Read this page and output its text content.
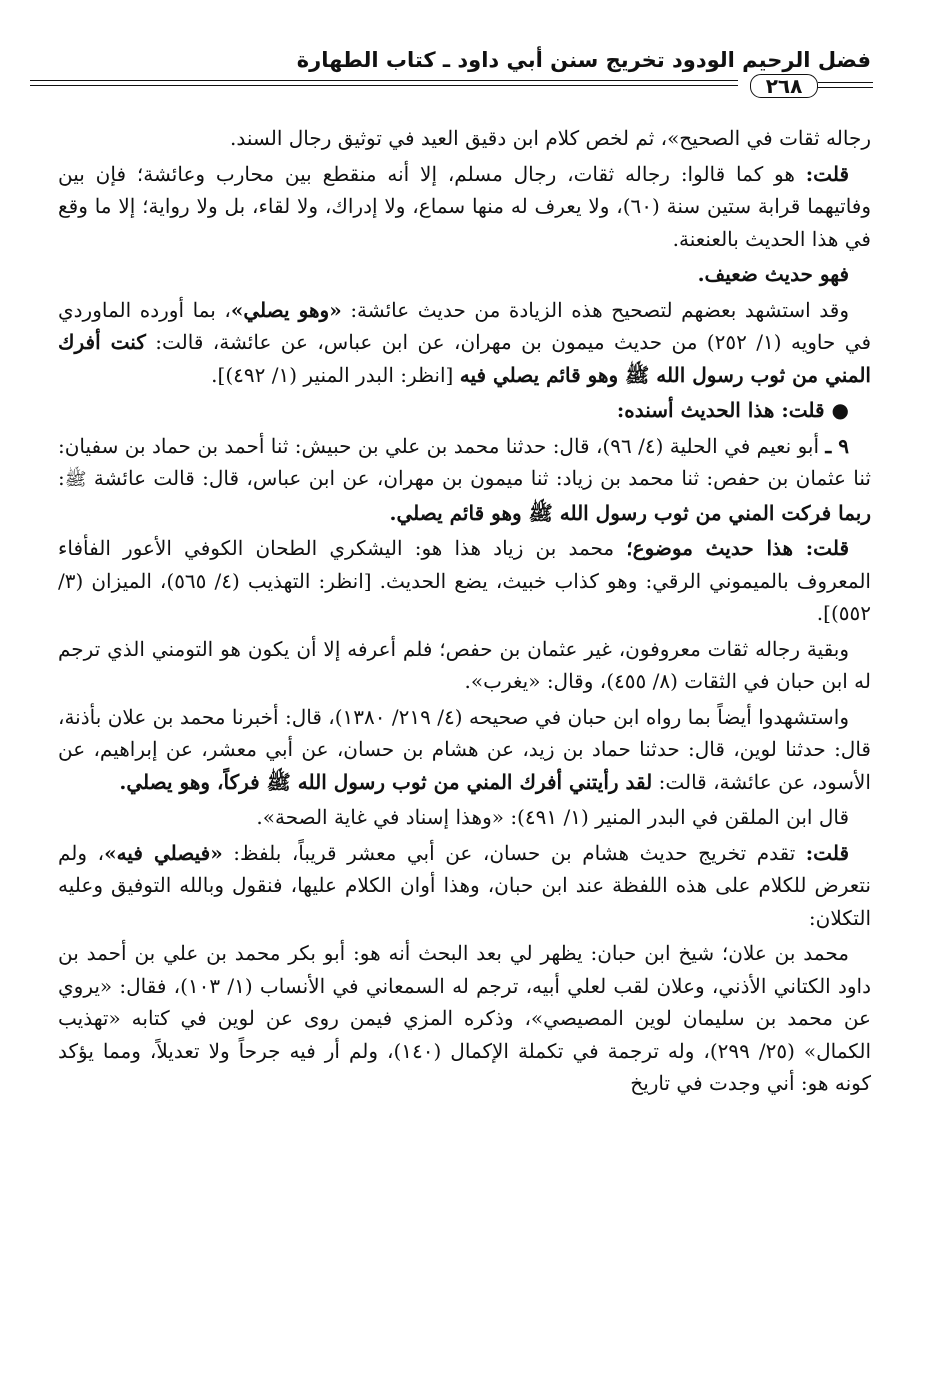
فضل الرحيم الودود تخريج سنن أبي داود ـ كتاب الطهارة
٢٦٨

رجاله ثقات في الصحيح»، ثم لخص كلام ابن دقيق العيد في توثيق رجال السند.

قلت: هو كما قالوا: رجاله ثقات، رجال مسلم، إلا أنه منقطع بين محارب وعائشة؛ فإن بين وفاتيهما قرابة ستين سنة (٦٠)، ولا يعرف له منها سماع، ولا إدراك، ولا لقاء، بل ولا رواية؛ إلا ما وقع في هذا الحديث بالعنعنة.

فهو حديث ضعيف.

وقد استشهد بعضهم لتصحيح هذه الزيادة من حديث عائشة: «وهو يصلي»، بما أورده الماوردي في حاويه (١/ ٢٥٢) من حديث ميمون بن مهران، عن ابن عباس، عن عائشة، قالت: كنت أفرك المني من ثوب رسول الله ﷺ وهو قائم يصلي فيه [انظر: البدر المنير (١/ ٤٩٢)].

● قلت: هذا الحديث أسنده:

٩ ـ أبو نعيم في الحلية (٤/ ٩٦)، قال: حدثنا محمد بن علي بن حبيش: ثنا أحمد بن حماد بن سفيان: ثنا عثمان بن حفص: ثنا محمد بن زياد: ثنا ميمون بن مهران، عن ابن عباس، قال: قالت عائشة ﷺ: ربما فركت المني من ثوب رسول الله ﷺ وهو قائم يصلي.

قلت: هذا حديث موضوع؛ محمد بن زياد هذا هو: اليشكري الطحان الكوفي الأعور الفأفاء المعروف بالميموني الرقي: وهو كذاب خبيث، يضع الحديث. [انظر: التهذيب (٤/ ٥٦٥)، الميزان (٣/ ٥٥٢)].

وبقية رجاله ثقات معروفون، غير عثمان بن حفص؛ فلم أعرفه إلا أن يكون هو التومني الذي ترجم له ابن حبان في الثقات (٨/ ٤٥٥)، وقال: «يغرب».

واستشهدوا أيضاً بما رواه ابن حبان في صحيحه (٤/ ٢١٩/ ١٣٨٠)، قال: أخبرنا محمد بن علان بأذنة، قال: حدثنا لوين، قال: حدثنا حماد بن زيد، عن هشام بن حسان، عن أبي معشر، عن إبراهيم، عن الأسود، عن عائشة، قالت: لقد رأيتني أفرك المني من ثوب رسول الله ﷺ فركاً، وهو يصلي.

قال ابن الملقن في البدر المنير (١/ ٤٩١): «وهذا إسناد في غاية الصحة».

قلت: تقدم تخريج حديث هشام بن حسان، عن أبي معشر قريباً، بلفظ: «فيصلي فيه»، ولم نتعرض للكلام على هذه اللفظة عند ابن حبان، وهذا أوان الكلام عليها، فنقول وبالله التوفيق وعليه التكلان:

محمد بن علان؛ شيخ ابن حبان: يظهر لي بعد البحث أنه هو: أبو بكر محمد بن علي بن أحمد بن داود الكتاني الأذني، وعلان لقب لعلي أبيه، ترجم له السمعاني في الأنساب (١/ ١٠٣)، فقال: «يروي عن محمد بن سليمان لوين المصيصي»، وذكره المزي فيمن روى عن لوين في كتابه «تهذيب الكمال» (٢٥/ ٢٩٩)، وله ترجمة في تكملة الإكمال (١٤٠)، ولم أر فيه جرحاً ولا تعديلاً، ومما يؤكد كونه هو: أني وجدت في تاريخ
